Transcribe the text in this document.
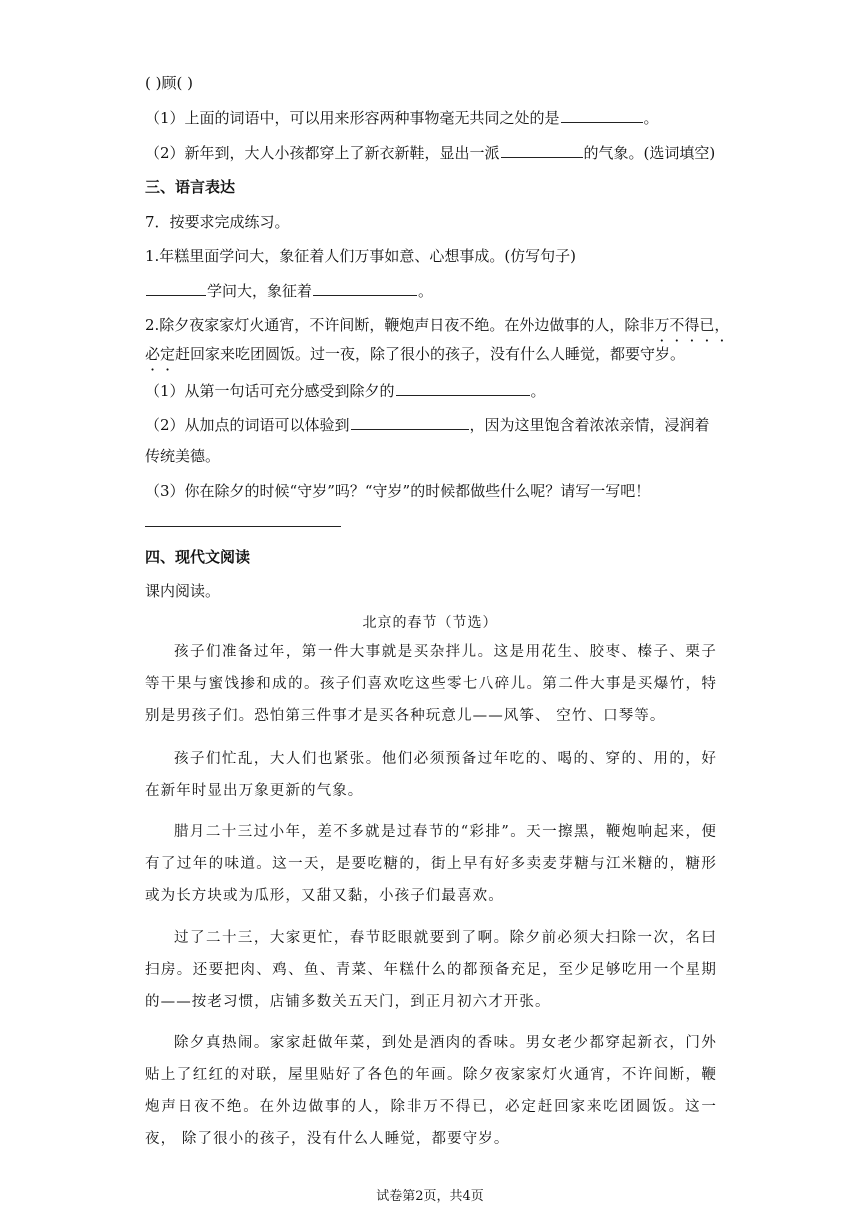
( )顾( )
（1）上面的词语中，可以用来形容两种事物毫无共同之处的是	。
（2）新年到，大人小孩都穿上了新衣新鞋，显出一派	的气象。(选词填空)
三、语言表达
7．按要求完成练习。
1.年糕里面学问大，象征着人们万事如意、心想事成。(仿写句子)
学问大，象征着	。
2.除夕夜家家灯火通宵，不许间断，鞭炮声日夜不绝。在外边做事的人，除非万不得已， ·
必定赶回家来吃团圆饭。过一夜，除了很小的孩子，没有什么人睡觉，都要守岁。
（1）从第一句话可充分感受到除夕的	。
（2）从加点的词语可以体验到	，因为这里饱含着浓浓亲情，浸润着
传统美德。
（3）你在除夕的时候“守岁”吗？“守岁”的时候都做些什么呢？请写一写吧！
四、现代文阅读
课内阅读。
北京的春节（节选）
孩子们准备过年，第一件大事就是买杂拌儿。这是用花生、胶枣、榛子、栗子等干果与蜜饯掺和成的。孩子们喜欢吃这些零七八碎儿。第二件大事是买爆竹，特别是男孩子们。恐怕第三件事才是买各种玩意儿——风筝、 空竹、口琴等。
孩子们忙乱，大人们也紧张。他们必须预备过年吃的、喝的、穿的、用的，好在新年时显出万象更新的气象。
腊月二十三过小年，差不多就是过春节的“彩排”。天一擦黑，鞭炮响起来，便有了过年的味道。这一天，是要吃糖的，街上早有好多卖麦芽糖与江米糖的，糖形或为长方块或为瓜形，又甜又黏，小孩子们最喜欢。
过了二十三，大家更忙，春节眨眼就要到了啊。除夕前必须大扫除一次，名曰扫房。还要把肉、鸡、鱼、青菜、年糕什么的都预备充足，至少足够吃用一个星期的——按老习惯，店铺多数关五天门，到正月初六才开张。
除夕真热闹。家家赶做年菜，到处是酒肉的香味。男女老少都穿起新衣，门外贴上了红红的对联，屋里贴好了各色的年画。除夕夜家家灯火通宵，不许间断，鞭炮声日夜不绝。在外边做事的人，除非万不得已，必定赶回家来吃团圆饭。这一夜， 除了很小的孩子，没有什么人睡觉，都要守岁。
试卷第2页，共4页
